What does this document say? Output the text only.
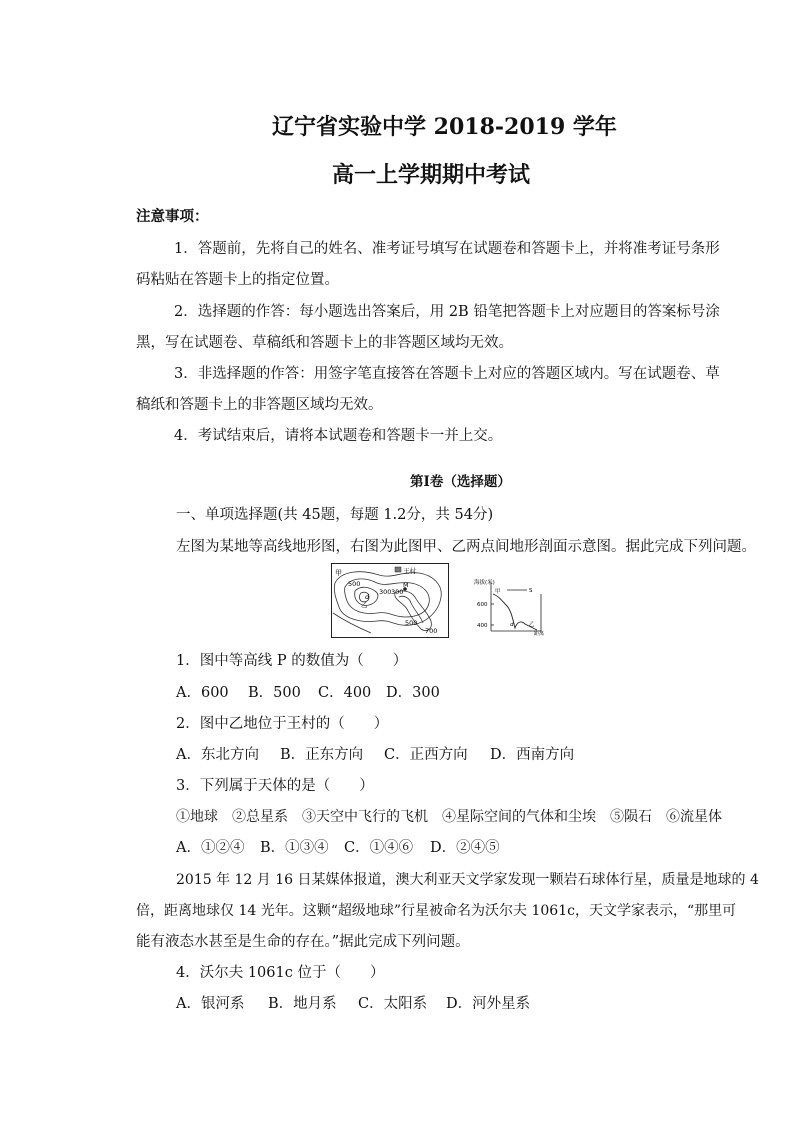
辽宁省实验中学 2018-2019 学年
高一上学期期中考试
注意事项：
1．答题前，先将自己的姓名、准考证号填写在试题卷和答题卡上，并将准考证号条形
码粘贴在答题卡上的指定位置。
2．选择题的作答：每小题选出答案后，用 2B 铅笔把答题卡上对应题目的答案标号涂
黑，写在试题卷、草稿纸和答题卡上的非答题区域均无效。
3．非选择题的作答：用签字笔直接答在答题卡上对应的答题区域内。写在试题卷、草
稿纸和答题卡上的非答题区域均无效。
4．考试结束后，请将本试题卷和答题卡一并上交。
第Ⅰ卷（选择题）
一、单项选择题(共 45题，每题 1.2分，共 54分)
左图为某地等高线地形图，右图为此图甲、乙两点间地形剖面示意图。据此完成下列问题。
甲	王村
500
300 300
M
乙
d
500
700
海拔(米)
甲	S
600
400	d	乙
距离
1．图中等高线 P 的数值为（　　）
A．600 B．500 C．400 D．300
2．图中乙地位于王村的（　　）
A．东北方向 B．正东方向 C．正西方向 D．西南方向
3．下列属于天体的是（　　）
①地球　②总星系　③天空中飞行的飞机　④星际空间的气体和尘埃　⑤陨石　⑥流星体
A．①②④ B．①③④ C．①④⑥ D．②④⑤
2015 年 12 月 16 日某媒体报道，澳大利亚天文学家发现一颗岩石球体行星，质量是地球的 4
倍，距离地球仅 14 光年。这颗“超级地球”行星被命名为沃尔夫 1061c，天文学家表示，“那里可
能有液态水甚至是生命的存在。”据此完成下列问题。
4．沃尔夫 1061c 位于（　　）
A．银河系 B．地月系 C．太阳系 D．河外星系
